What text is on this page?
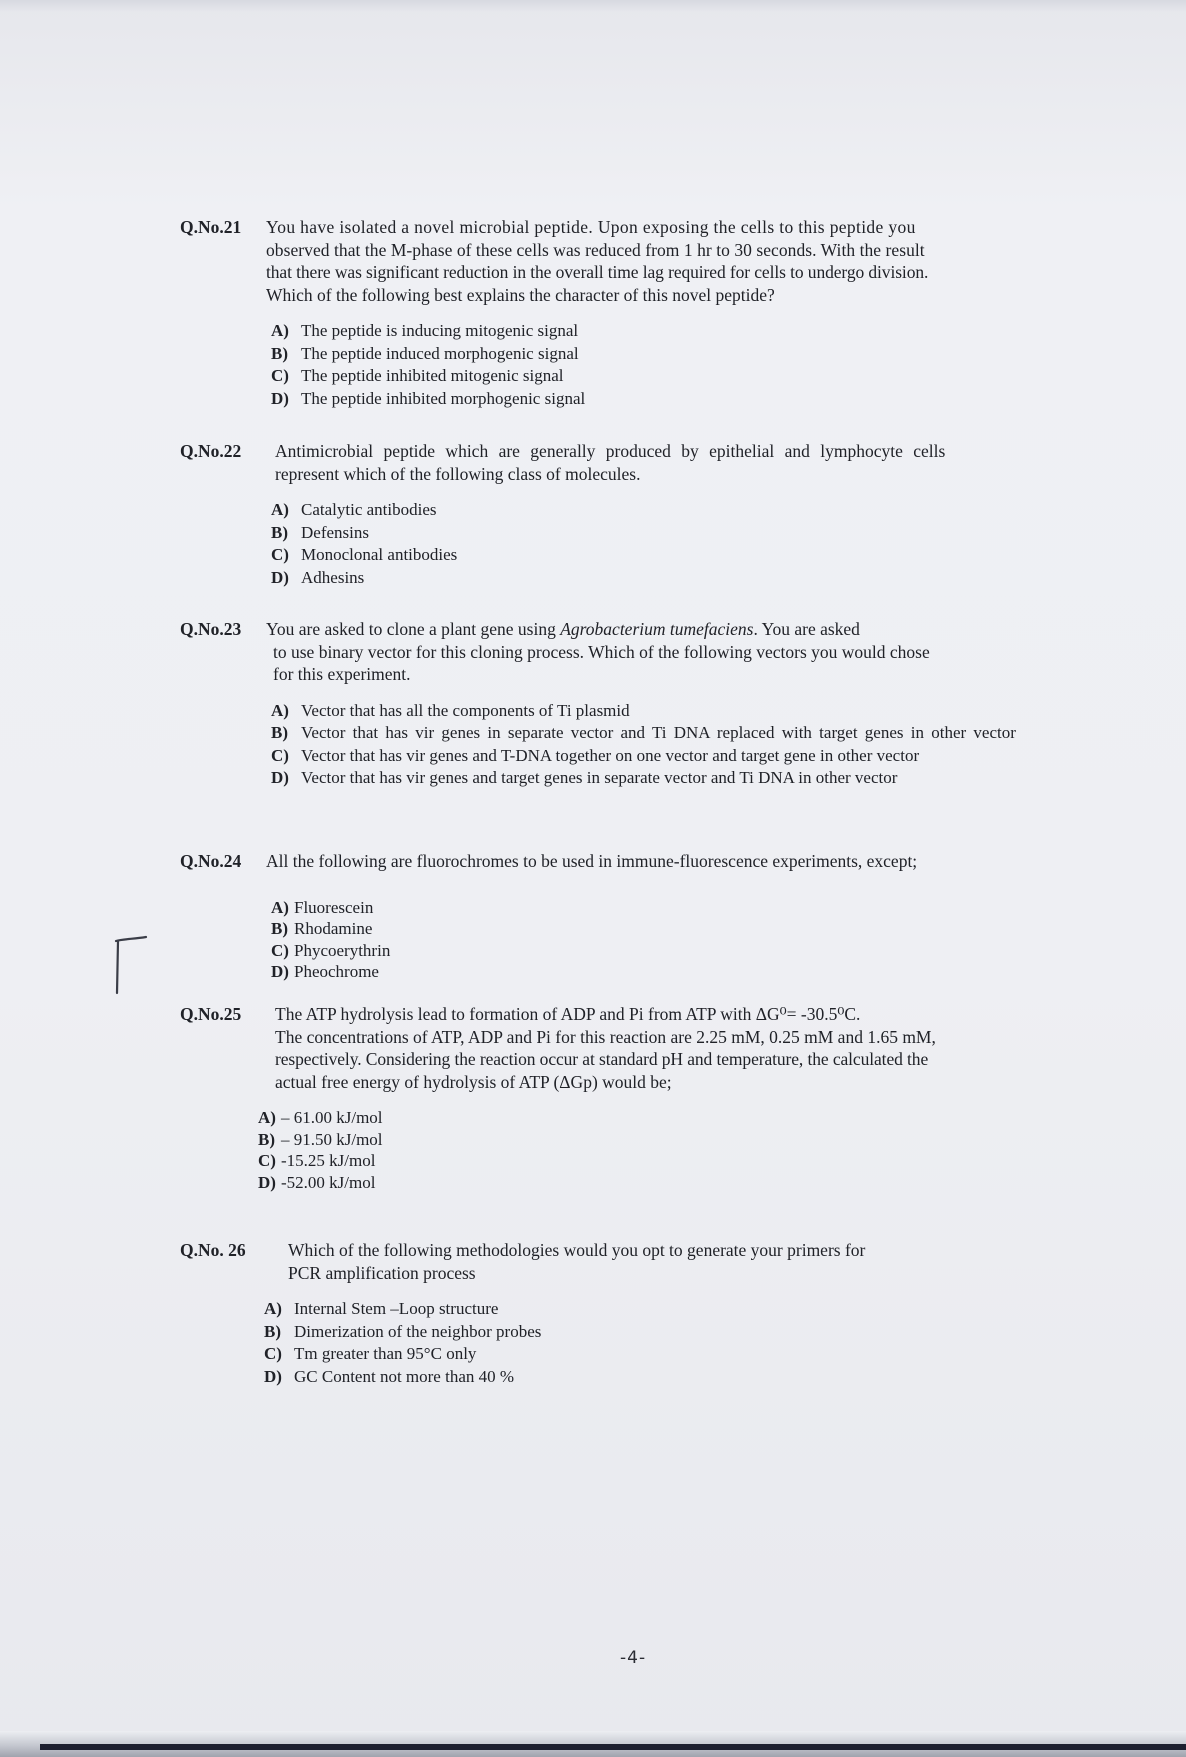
Q.No.21 You have isolated a novel microbial peptide. Upon exposing the cells to this peptide you
observed that the M-phase of these cells was reduced from 1 hr to 30 seconds. With the result
that there was significant reduction in the overall time lag required for cells to undergo division.
Which of the following best explains the character of this novel peptide?
A) The peptide is inducing mitogenic signal
B) The peptide induced morphogenic signal
C) The peptide inhibited mitogenic signal
D) The peptide inhibited morphogenic signal
Q.No.22 Antimicrobial peptide which are generally produced by epithelial and lymphocyte cells
represent which of the following class of molecules.
A) Catalytic antibodies
B) Defensins
C) Monoclonal antibodies
D) Adhesins
Q.No.23	You are asked to clone a plant gene using Agrobacterium tumefaciens. You are asked
to use binary vector for this cloning process. Which of the following vectors you would chose
for this experiment.
A) Vector that has all the components of Ti plasmid
B) Vector that has vir genes in separate vector and Ti DNA replaced with target genes in other vector
C) Vector that has vir genes and T-DNA together on one vector and target gene in other vector
D) Vector that has vir genes and target genes in separate vector and Ti DNA in other vector
Q.No.24	All the following are fluorochromes to be used in immune-fluorescence experiments, except;
A) Fluorescein
B) Rhodamine
C) Phycoerythrin
D) Pheochrome
Q.No.25	The ATP hydrolysis lead to formation of ADP and Pi from ATP with ΔG⁰= -30.5⁰C.
The concentrations of ATP, ADP and Pi for this reaction are 2.25 mM, 0.25 mM and 1.65 mM,
respectively. Considering the reaction occur at standard pH and temperature, the calculated the
actual free energy of hydrolysis of ATP (ΔGp) would be;
A) – 61.00 kJ/mol
B) – 91.50 kJ/mol
C) -15.25 kJ/mol
D) -52.00 kJ/mol
Q.No. 26	Which of the following methodologies would you opt to generate your primers for
PCR amplification process
A) Internal Stem –Loop structure
B) Dimerization of the neighbor probes
C) Tm greater than 95°C only
D) GC Content not more than 40 %
-4-
